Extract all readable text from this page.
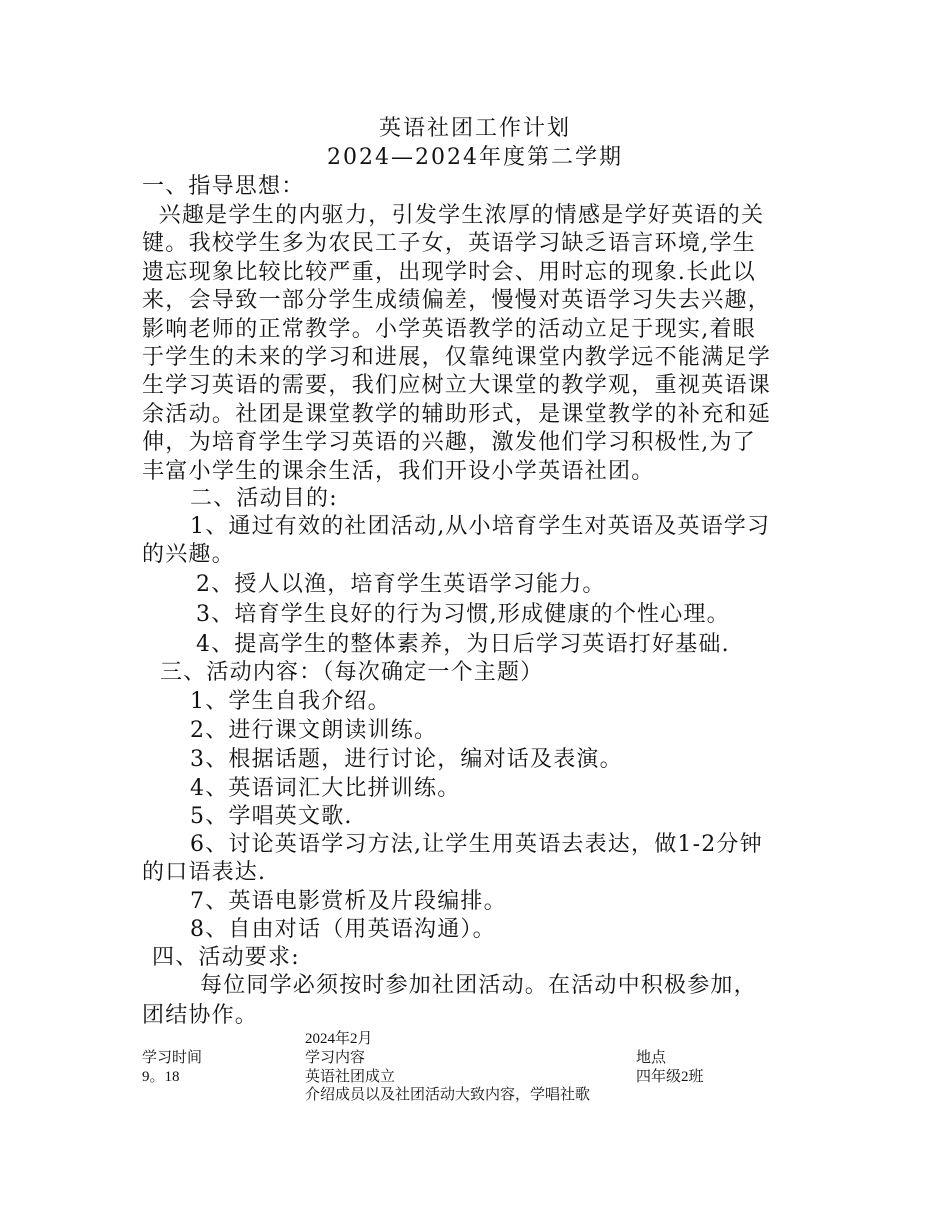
英语社团工作计划
2024—2024年度第二学期
一、指导思想：
兴趣是学生的内驱力，引发学生浓厚的情感是学好英语的关
键。我校学生多为农民工子女，英语学习缺乏语言环境,学生
遗忘现象比较比较严重，出现学时会、用时忘的现象.长此以
来，会导致一部分学生成绩偏差，慢慢对英语学习失去兴趣，
影响老师的正常教学。小学英语教学的活动立足于现实,着眼
于学生的未来的学习和进展，仅靠纯课堂内教学远不能满足学
生学习英语的需要，我们应树立大课堂的教学观，重视英语课
余活动。社团是课堂教学的辅助形式，是课堂教学的补充和延
伸，为培育学生学习英语的兴趣，激发他们学习积极性,为了
丰富小学生的课余生活，我们开设小学英语社团。
二、活动目的:
1、通过有效的社团活动,从小培育学生对英语及英语学习
的兴趣。
2、授人以渔，培育学生英语学习能力。
3、培育学生良好的行为习惯,形成健康的个性心理。
4、提高学生的整体素养，为日后学习英语打好基础.
三、活动内容：（每次确定一个主题）
1、学生自我介绍。
2、进行课文朗读训练。
3、根据话题，进行讨论，编对话及表演。
4、英语词汇大比拼训练。
5、学唱英文歌.
6、讨论英语学习方法,让学生用英语去表达，做1-2分钟
的口语表达.
7、英语电影赏析及片段编排。
8、自由对话（用英语沟通）。
四、活动要求:
每位同学必须按时参加社团活动。在活动中积极参加，
团结协作。
2024年2月
学习时间	学习内容	地点
9。18	英语社团成立	四年级2班
介绍成员以及社团活动大致内容，学唱社歌
